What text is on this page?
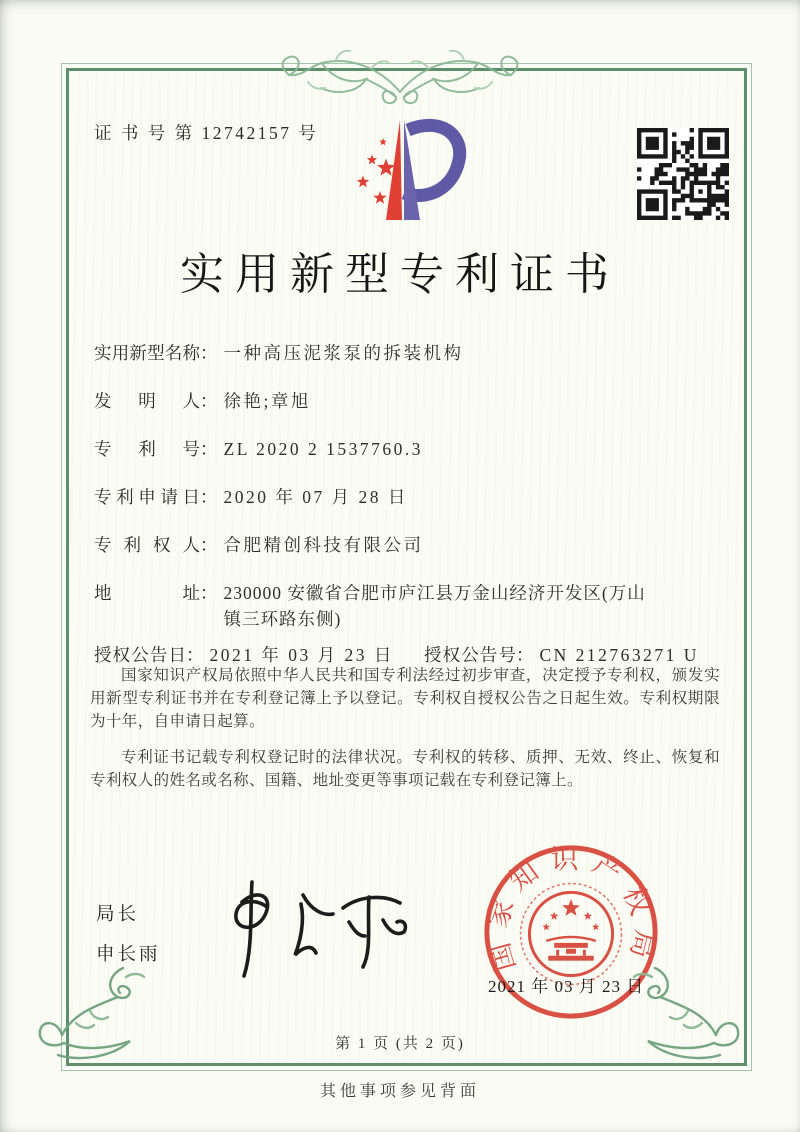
证 书 号 第 12742157 号
实用新型专利证书
实用新型名称 ： 一种高压泥浆泵的拆装机构
发明人 ： 徐艳;章旭
专利号 ： ZL 2020 2 1537760.3
专利申请日 ： 2020 年 07 月 28 日
专利权人 ： 合肥精创科技有限公司
地址 ： 230000 安徽省合肥市庐江县万金山经济开发区(万山镇三环路东侧)
授权公告日 ： 2021 年 03 月 23 日	授权公告号 ： CN 212763271 U

国家知识产权局依照中华人民共和国专利法经过初步审查，决定授予专利权，颁发实用新型专利证书并在专利登记簿上予以登记。专利权自授权公告之日起生效。专利权期限为十年，自申请日起算。

专利证书记载专利权登记时的法律状况。专利权的转移、质押、无效、终止、恢复和专利权人的姓名或名称、国籍、地址变更等事项记载在专利登记簿上。

局长
申长雨	国家知识产权局
2021 年 03 月 23 日
第 1 页 (共 2 页)
其他事项参见背面
